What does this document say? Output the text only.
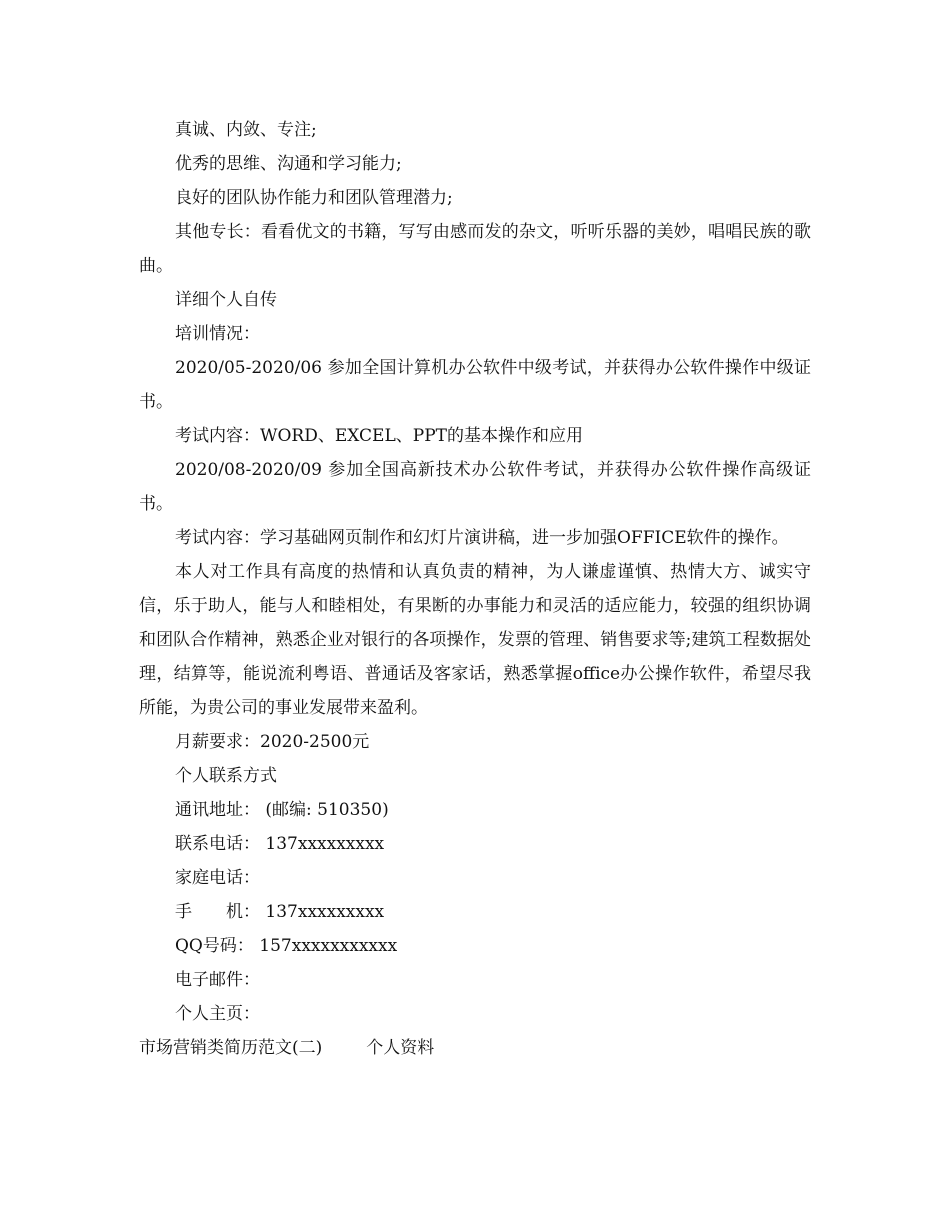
真诚、内敛、专注;

优秀的思维、沟通和学习能力;

良好的团队协作能力和团队管理潜力;

其他专长：看看优文的书籍，写写由感而发的杂文，听听乐器的美妙，唱唱民族的歌曲。

详细个人自传

培训情况：

2020/05-2020/06 参加全国计算机办公软件中级考试，并获得办公软件操作中级证书。

考试内容：WORD、EXCEL、PPT的基本操作和应用

2020/08-2020/09 参加全国高新技术办公软件考试，并获得办公软件操作高级证书。

考试内容：学习基础网页制作和幻灯片演讲稿，进一步加强OFFICE软件的操作。

本人对工作具有高度的热情和认真负责的精神，为人谦虚谨慎、热情大方、诚实守信，乐于助人，能与人和睦相处，有果断的办事能力和灵活的适应能力，较强的组织协调和团队合作精神，熟悉企业对银行的各项操作，发票的管理、销售要求等;建筑工程数据处理，结算等，能说流利粤语、普通话及客家话，熟悉掌握office办公操作软件，希望尽我所能，为贵公司的事业发展带来盈利。

月薪要求：2020-2500元

个人联系方式

通讯地址： (邮编: 510350)

联系电话： 137xxxxxxxxx

家庭电话：

手　　机： 137xxxxxxxxx

QQ号码： 157xxxxxxxxxxx

电子邮件：

个人主页：

市场营销类简历范文(二)	个人资料
